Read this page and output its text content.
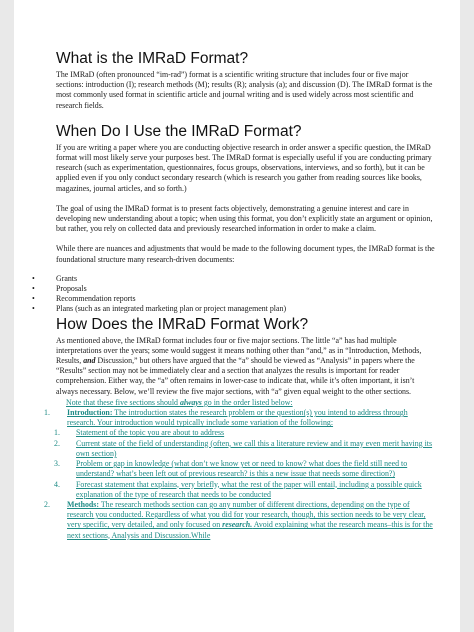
What is the IMRaD Format?

The IMRaD (often pronounced “im-rad”) format is a scientific writing structure that includes four or five major sections: introduction (I); research methods (M); results (R); analysis (a); and discussion (D). The IMRaD format is the most commonly used format in scientific article and journal writing and is used widely across most scientific and research fields.

When Do I Use the IMRaD Format?

If you are writing a paper where you are conducting objective research in order answer a specific question, the IMRaD format will most likely serve your purposes best. The IMRaD format is especially useful if you are conducting primary research (such as experimentation, questionnaires, focus groups, observations, interviews, and so forth), but it can be applied even if you only conduct secondary research (which is research you gather from reading sources like books, magazines, journal articles, and so forth.)

The goal of using the IMRaD format is to present facts objectively, demonstrating a genuine interest and care in developing new understanding about a topic; when using this format, you don’t explicitly state an argument or opinion, but rather, you rely on collected data and previously researched information in order to make a claim.

While there are nuances and adjustments that would be made to the following document types, the IMRaD format is the foundational structure many research-driven documents:

• Grants
• Proposals
• Recommendation reports
• Plans (such as an integrated marketing plan or project management plan)
How Does the IMRaD Format Work?

As mentioned above, the IMRaD format includes four or five major sections. The little “a” has had multiple interpretations over the years; some would suggest it means nothing other than “and,” as in “Introduction, Methods, Results, and Discussion,” but others have argued that the “a” should be viewed as “Analysis” in papers where the “Results” section may not be immediately clear and a section that analyzes the results is important for reader comprehension. Either way, the “a” often remains in lower-case to indicate that, while it’s often important, it isn’t always necessary. Below, we’ll review the five major sections, with “a” given equal weight to the other sections.

Note that these five sections should always go in the order listed below:
1. Introduction: The introduction states the research problem or the question(s) you intend to address through research. Your introduction would typically include some variation of the following:
1. Statement of the topic you are about to address
2. Current state of the field of understanding (often, we call this a literature review and it may even merit having its own section)
3. Problem or gap in knowledge (what don’t we know yet or need to know? what does the field still need to understand? what’s been left out of previous research? is this a new issue that needs some direction?)
4. Forecast statement that explains, very briefly, what the rest of the paper will entail, including a possible quick explanation of the type of research that needs to be conducted
2. Methods: The research methods section can go any number of different directions, depending on the type of research you conducted. Regardless of what you did for your research, though, this section needs to be very clear, very specific, very detailed, and only focused on research. Avoid explaining what the research means–this is for the next sections, Analysis and Discussion.While
